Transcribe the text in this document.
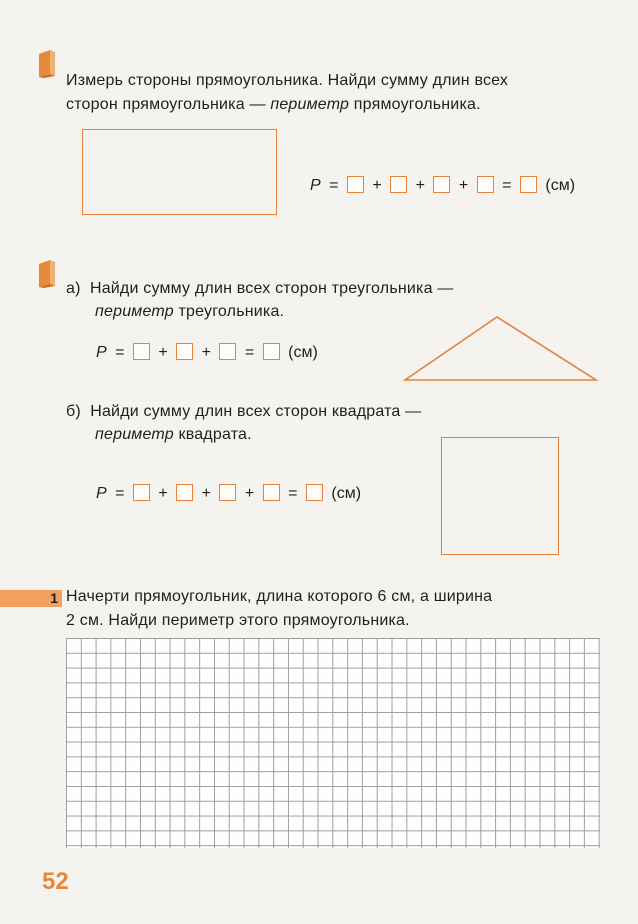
Измерь стороны прямоугольника. Найди сумму длин всех
сторон прямоугольника — периметр прямоугольника.
P = + + + = (см)
а) Найди сумму длин всех сторон треугольника —
периметр треугольника.
P = + + = (см)
б) Найди сумму длин всех сторон квадрата —
периметр квадрата.
P = + + + = (см)
1 Начерти прямоугольник, длина которого 6 см, а ширина
2 см. Найди периметр этого прямоугольника.
52
